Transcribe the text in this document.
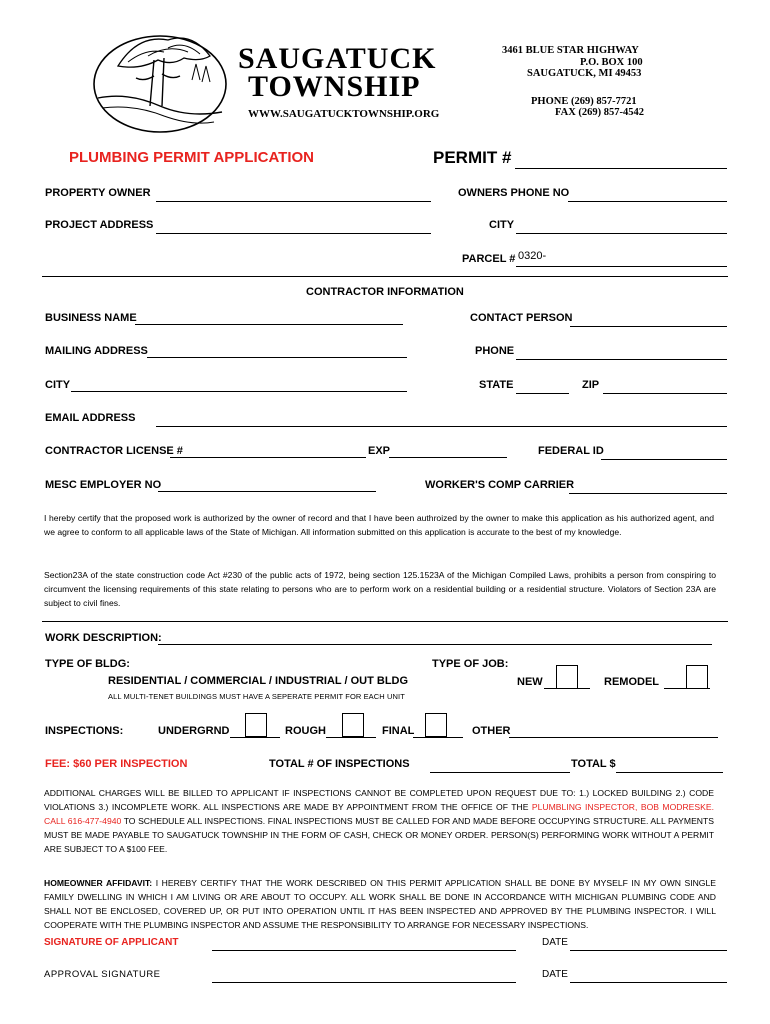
SAUGATUCK
TOWNSHIP
WWW.SAUGATUCKTOWNSHIP.ORG
3461 BLUE STAR HIGHWAY
P.O. BOX 100
SAUGATUCK, MI 49453
PHONE (269) 857-7721
FAX (269) 857-4542
PLUMBING PERMIT APPLICATION	PERMIT #
PROPERTY OWNER	OWNERS PHONE NO
PROJECT ADDRESS	CITY
PARCEL # 0320-
CONTRACTOR INFORMATION
BUSINESS NAME	CONTACT PERSON
MAILING ADDRESS	PHONE
CITY	STATE	ZIP
EMAIL ADDRESS
CONTRACTOR LICENSE #	EXP	FEDERAL ID
MESC EMPLOYER NO	WORKER'S COMP CARRIER
I hereby certify that the proposed work is authorized by the owner of record and that I have been authroized by the owner to make this application as his authorized agent, and we agree to conform to all applicable laws of the State of Michigan. All information submitted on this application is accurate to the best of my knowledge.
Section23A of the state construction code Act #230 of the public acts of 1972, being section 125.1523A of the Michigan Compiled Laws, prohibits a person from conspiring to circumvent the licensing requirements of this state relating to persons who are to perform work on a residential building or a residential structure. Violators of Section 23A are subject to civil fines.
WORK DESCRIPTION:
TYPE OF BLDG:
RESIDENTIAL / COMMERCIAL / INDUSTRIAL / OUT BLDG
ALL MULTI-TENET BUILDINGS MUST HAVE A SEPERATE PERMIT FOR EACH UNIT
TYPE OF JOB:
NEW	REMODEL
INSPECTIONS:	UNDERGRND	ROUGH	FINAL	OTHER
FEE: $60 PER INSPECTION	TOTAL # OF INSPECTIONS	TOTAL $
ADDITIONAL CHARGES WILL BE BILLED TO APPLICANT IF INSPECTIONS CANNOT BE COMPLETED UPON REQUEST DUE TO: 1.) LOCKED BUILDING 2.) CODE VIOLATIONS 3.) INCOMPLETE WORK. ALL INSPECTIONS ARE MADE BY APPOINTMENT FROM THE OFFICE OF THE PLUMBLING INSPECTOR, BOB MODRESKE. CALL 616-477-4940 TO SCHEDULE ALL INSPECTIONS. FINAL INSPECTIONS MUST BE CALLED FOR AND MADE BEFORE OCCUPYING STRUCTURE. ALL PAYMENTS MUST BE MADE PAYABLE TO SAUGATUCK TOWNSHIP IN THE FORM OF CASH, CHECK OR MONEY ORDER. PERSON(S) PERFORMING WORK WITHOUT A PERMIT ARE SUBJECT TO A $100 FEE.
HOMEOWNER AFFIDAVIT: I HEREBY CERTIFY THAT THE WORK DESCRIBED ON THIS PERMIT APPLICATION SHALL BE DONE BY MYSELF IN MY OWN SINGLE FAMILY DWELLING IN WHICH I AM LIVING OR ARE ABOUT TO OCCUPY. ALL WORK SHALL BE DONE IN ACCORDANCE WITH MICHIGAN PLUMBING CODE AND SHALL NOT BE ENCLOSED, COVERED UP, OR PUT INTO OPERATION UNTIL IT HAS BEEN INSPECTED AND APPROVED BY THE PLUMBING INSPECTOR. I WILL COOPERATE WITH THE PLUMBING INSPECTOR AND ASSUME THE RESPONSIBILITY TO ARRANGE FOR NECESSARY INSPECTIONS.
SIGNATURE OF APPLICANT	DATE
APPROVAL SIGNATURE	DATE
